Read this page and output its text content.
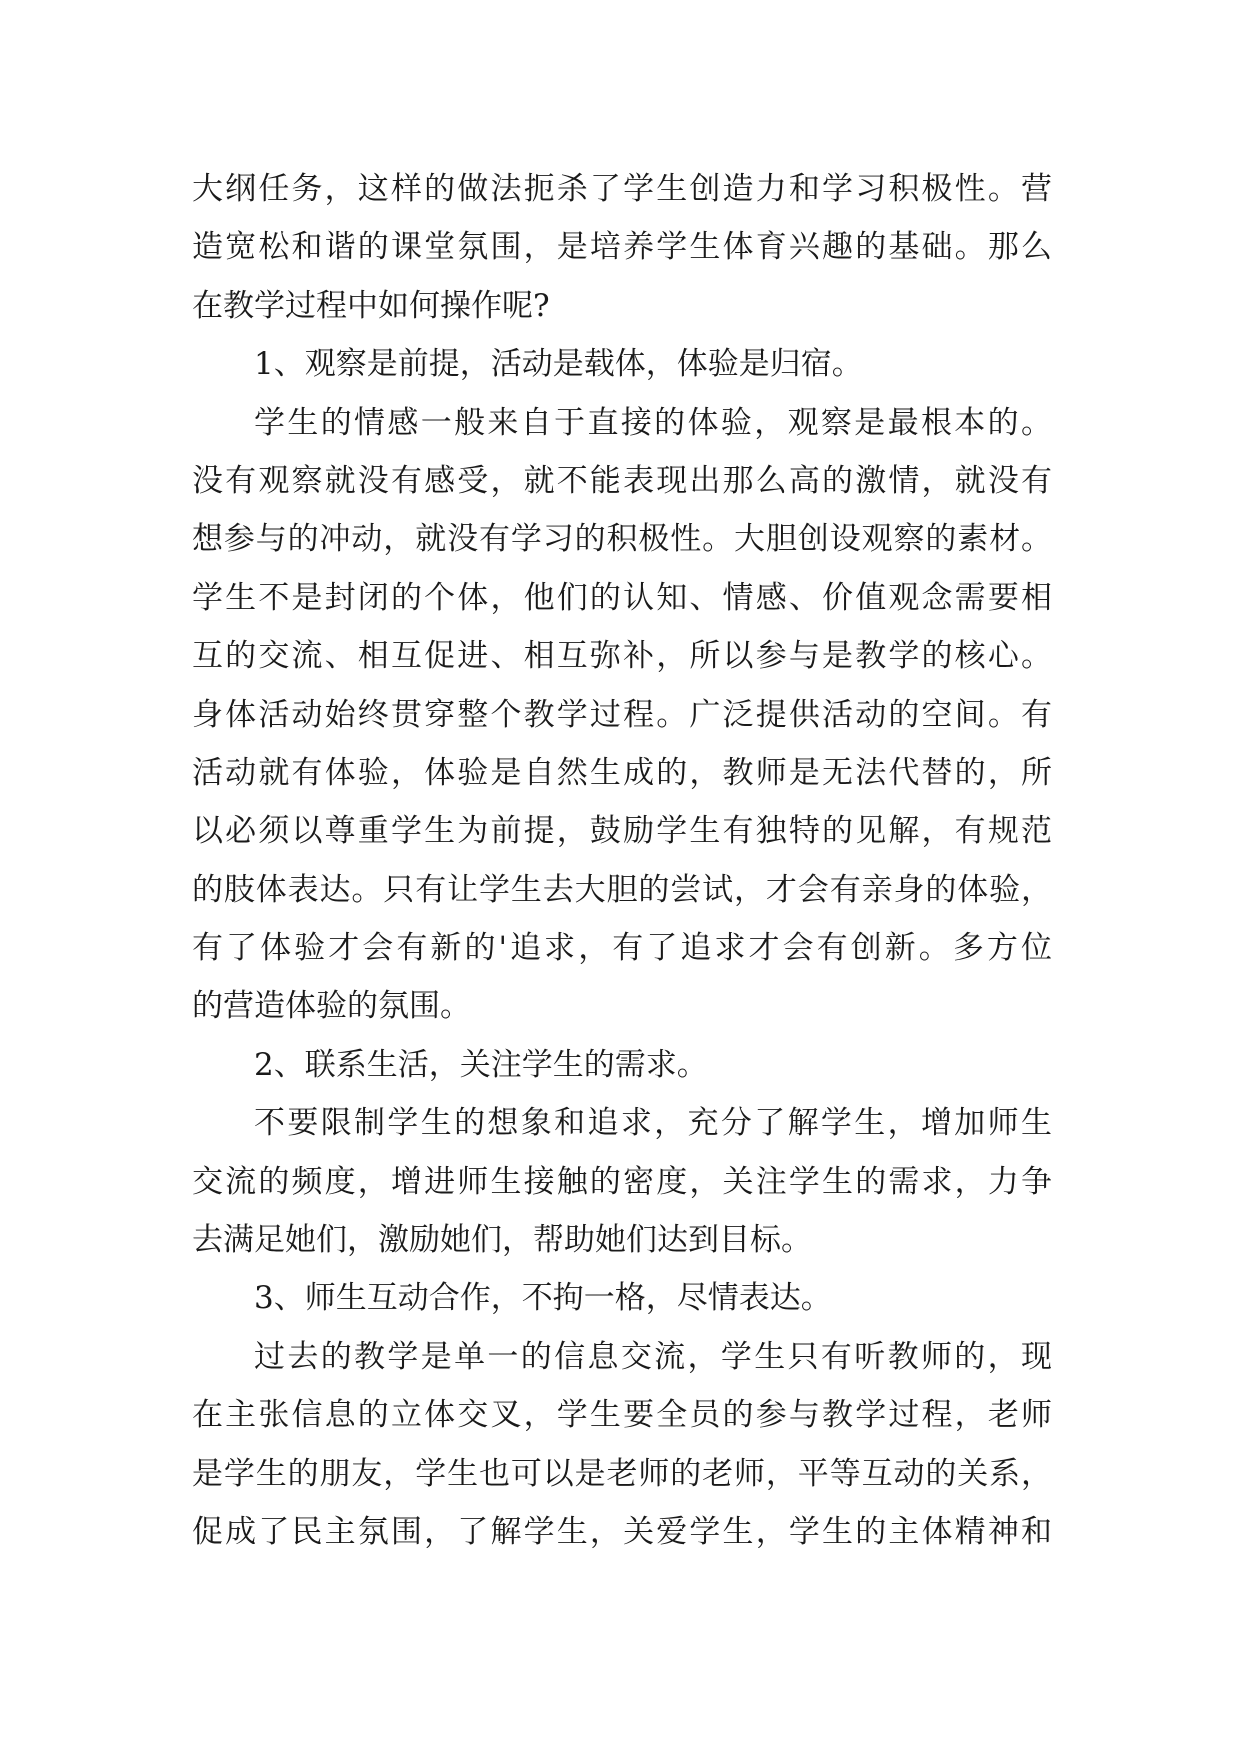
大纲任务，这样的做法扼杀了学生创造力和学习积极性。营
造宽松和谐的课堂氛围，是培养学生体育兴趣的基础。那么
在教学过程中如何操作呢?
1、观察是前提，活动是载体，体验是归宿。
学生的情感一般来自于直接的体验，观察是最根本的。
没有观察就没有感受，就不能表现出那么高的激情，就没有
想参与的冲动，就没有学习的积极性。大胆创设观察的素材。
学生不是封闭的个体，他们的认知、情感、价值观念需要相
互的交流、相互促进、相互弥补，所以参与是教学的核心。
身体活动始终贯穿整个教学过程。广泛提供活动的空间。有
活动就有体验，体验是自然生成的，教师是无法代替的，所
以必须以尊重学生为前提，鼓励学生有独特的见解，有规范
的肢体表达。只有让学生去大胆的尝试，才会有亲身的体验，
有了体验才会有新的'追求，有了追求才会有创新。多方位
的营造体验的氛围。
2、联系生活，关注学生的需求。
不要限制学生的想象和追求，充分了解学生，增加师生
交流的频度，增进师生接触的密度，关注学生的需求，力争
去满足她们，激励她们，帮助她们达到目标。
3、师生互动合作，不拘一格，尽情表达。
过去的教学是单一的信息交流，学生只有听教师的，现
在主张信息的立体交叉，学生要全员的参与教学过程，老师
是学生的朋友，学生也可以是老师的老师，平等互动的关系，
促成了民主氛围，了解学生，关爱学生，学生的主体精神和
